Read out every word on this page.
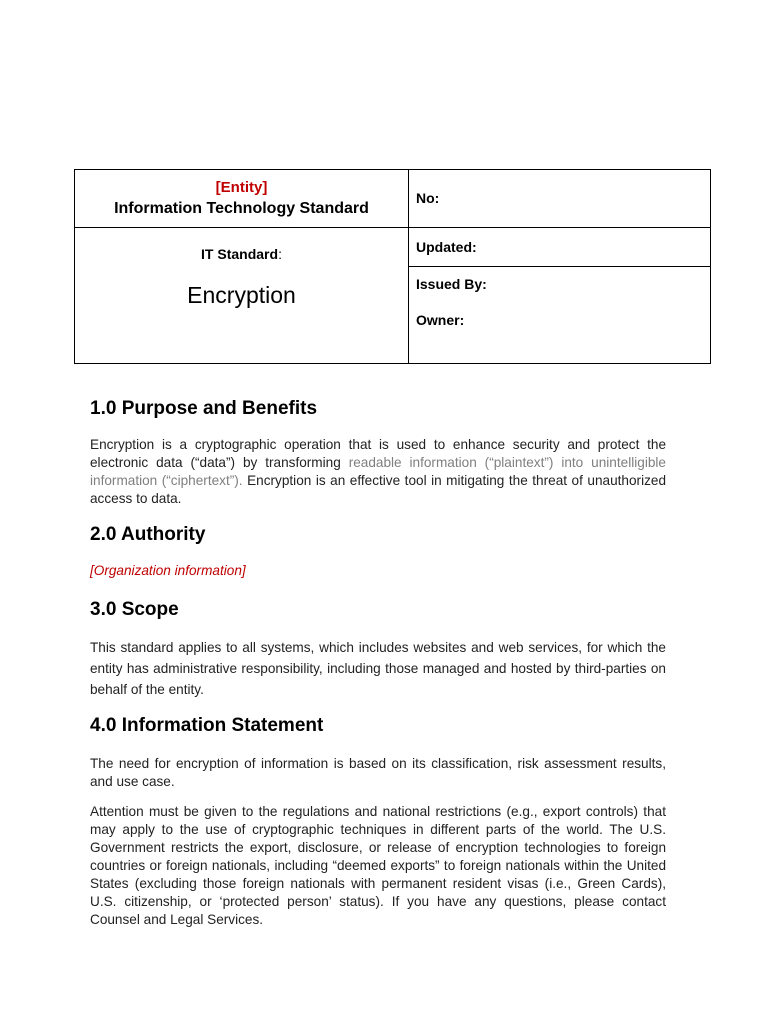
[Entity]
Information Technology Standard
IT Standard:
Encryption
No:
Updated:
Issued By:
Owner:
1.0 Purpose and Benefits

Encryption is a cryptographic operation that is used to enhance security and protect the electronic data (“data”) by transforming readable information (“plaintext”) into unintelligible information (“ciphertext”). Encryption is an effective tool in mitigating the threat of unauthorized access to data.

2.0 Authority
[Organization information]
3.0 Scope

This standard applies to all systems, which includes websites and web services, for which the entity has administrative responsibility, including those managed and hosted by third-parties on behalf of the entity.

4.0 Information Statement

The need for encryption of information is based on its classification, risk assessment results, and use case.

Attention must be given to the regulations and national restrictions (e.g., export controls) that may apply to the use of cryptographic techniques in different parts of the world. The U.S. Government restricts the export, disclosure, or release of encryption technologies to foreign countries or foreign nationals, including “deemed exports” to foreign nationals within the United States (excluding those foreign nationals with permanent resident visas (i.e., Green Cards), U.S. citizenship, or ‘protected person’ status). If you have any questions, please contact Counsel and Legal Services.
